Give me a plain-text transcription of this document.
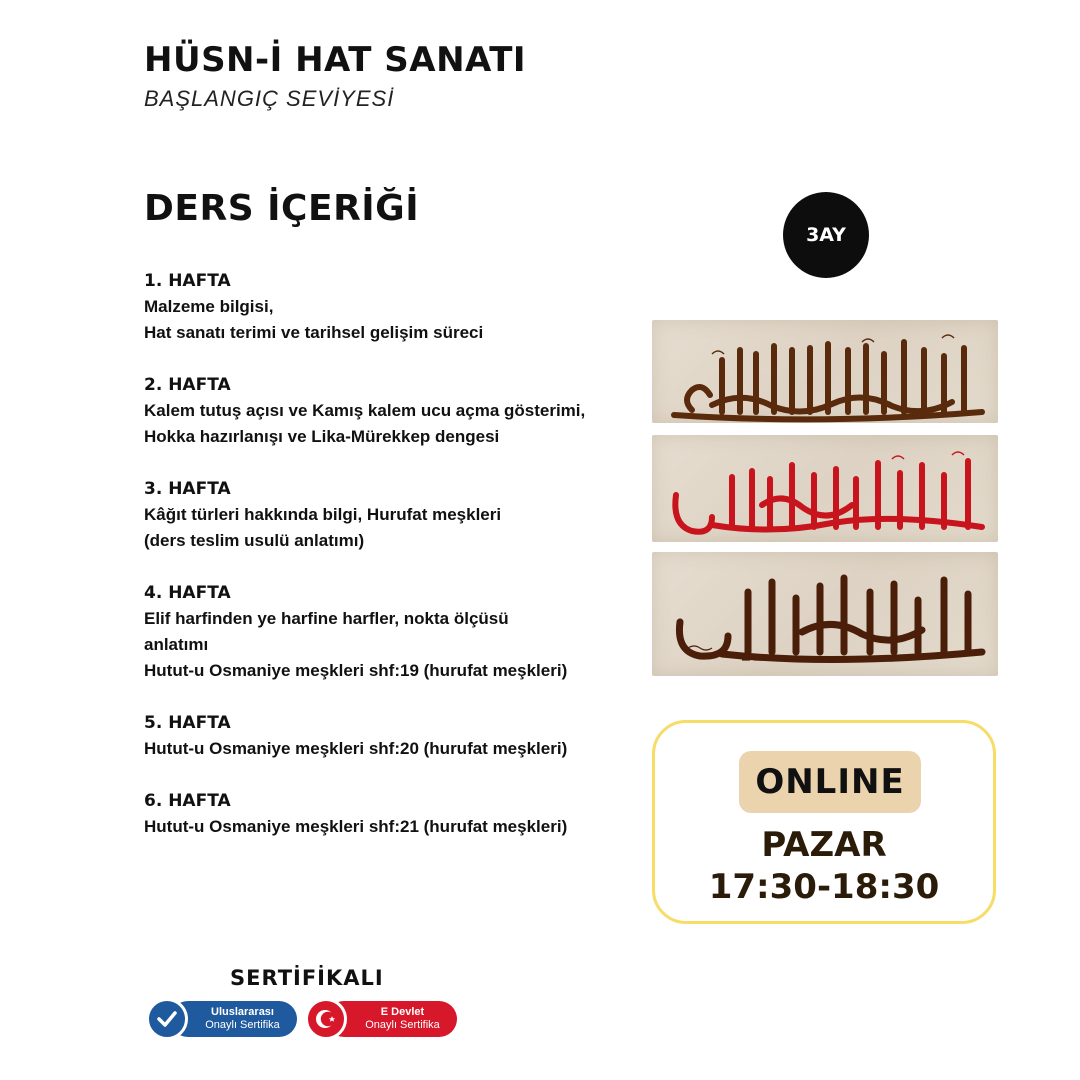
HÜSN-İ HAT SANATI
BAŞLANGIÇ SEVİYESİ
DERS İÇERİĞİ
3AY
1. HAFTA
Malzeme bilgisi,
Hat sanatı terimi ve tarihsel gelişim süreci
2. HAFTA
Kalem tutuş açısı ve Kamış kalem ucu açma gösterimi,
Hokka hazırlanışı ve Lika-Mürekkep dengesi
3. HAFTA
Kâğıt türleri hakkında bilgi, Hurufat meşkleri
(ders teslim usulü anlatımı)
4. HAFTA
Elif harfinden ye harfine harfler, nokta ölçüsü
anlatımı
Hutut-u Osmaniye meşkleri shf:19 (hurufat meşkleri)
5. HAFTA
Hutut-u Osmaniye meşkleri shf:20 (hurufat meşkleri)
6. HAFTA
Hutut-u Osmaniye meşkleri shf:21 (hurufat meşkleri)
ONLINE
PAZAR
17:30-18:30
SERTİFİKALI
Uluslararası
Onaylı Sertifika
E Devlet
Onaylı Sertifika
